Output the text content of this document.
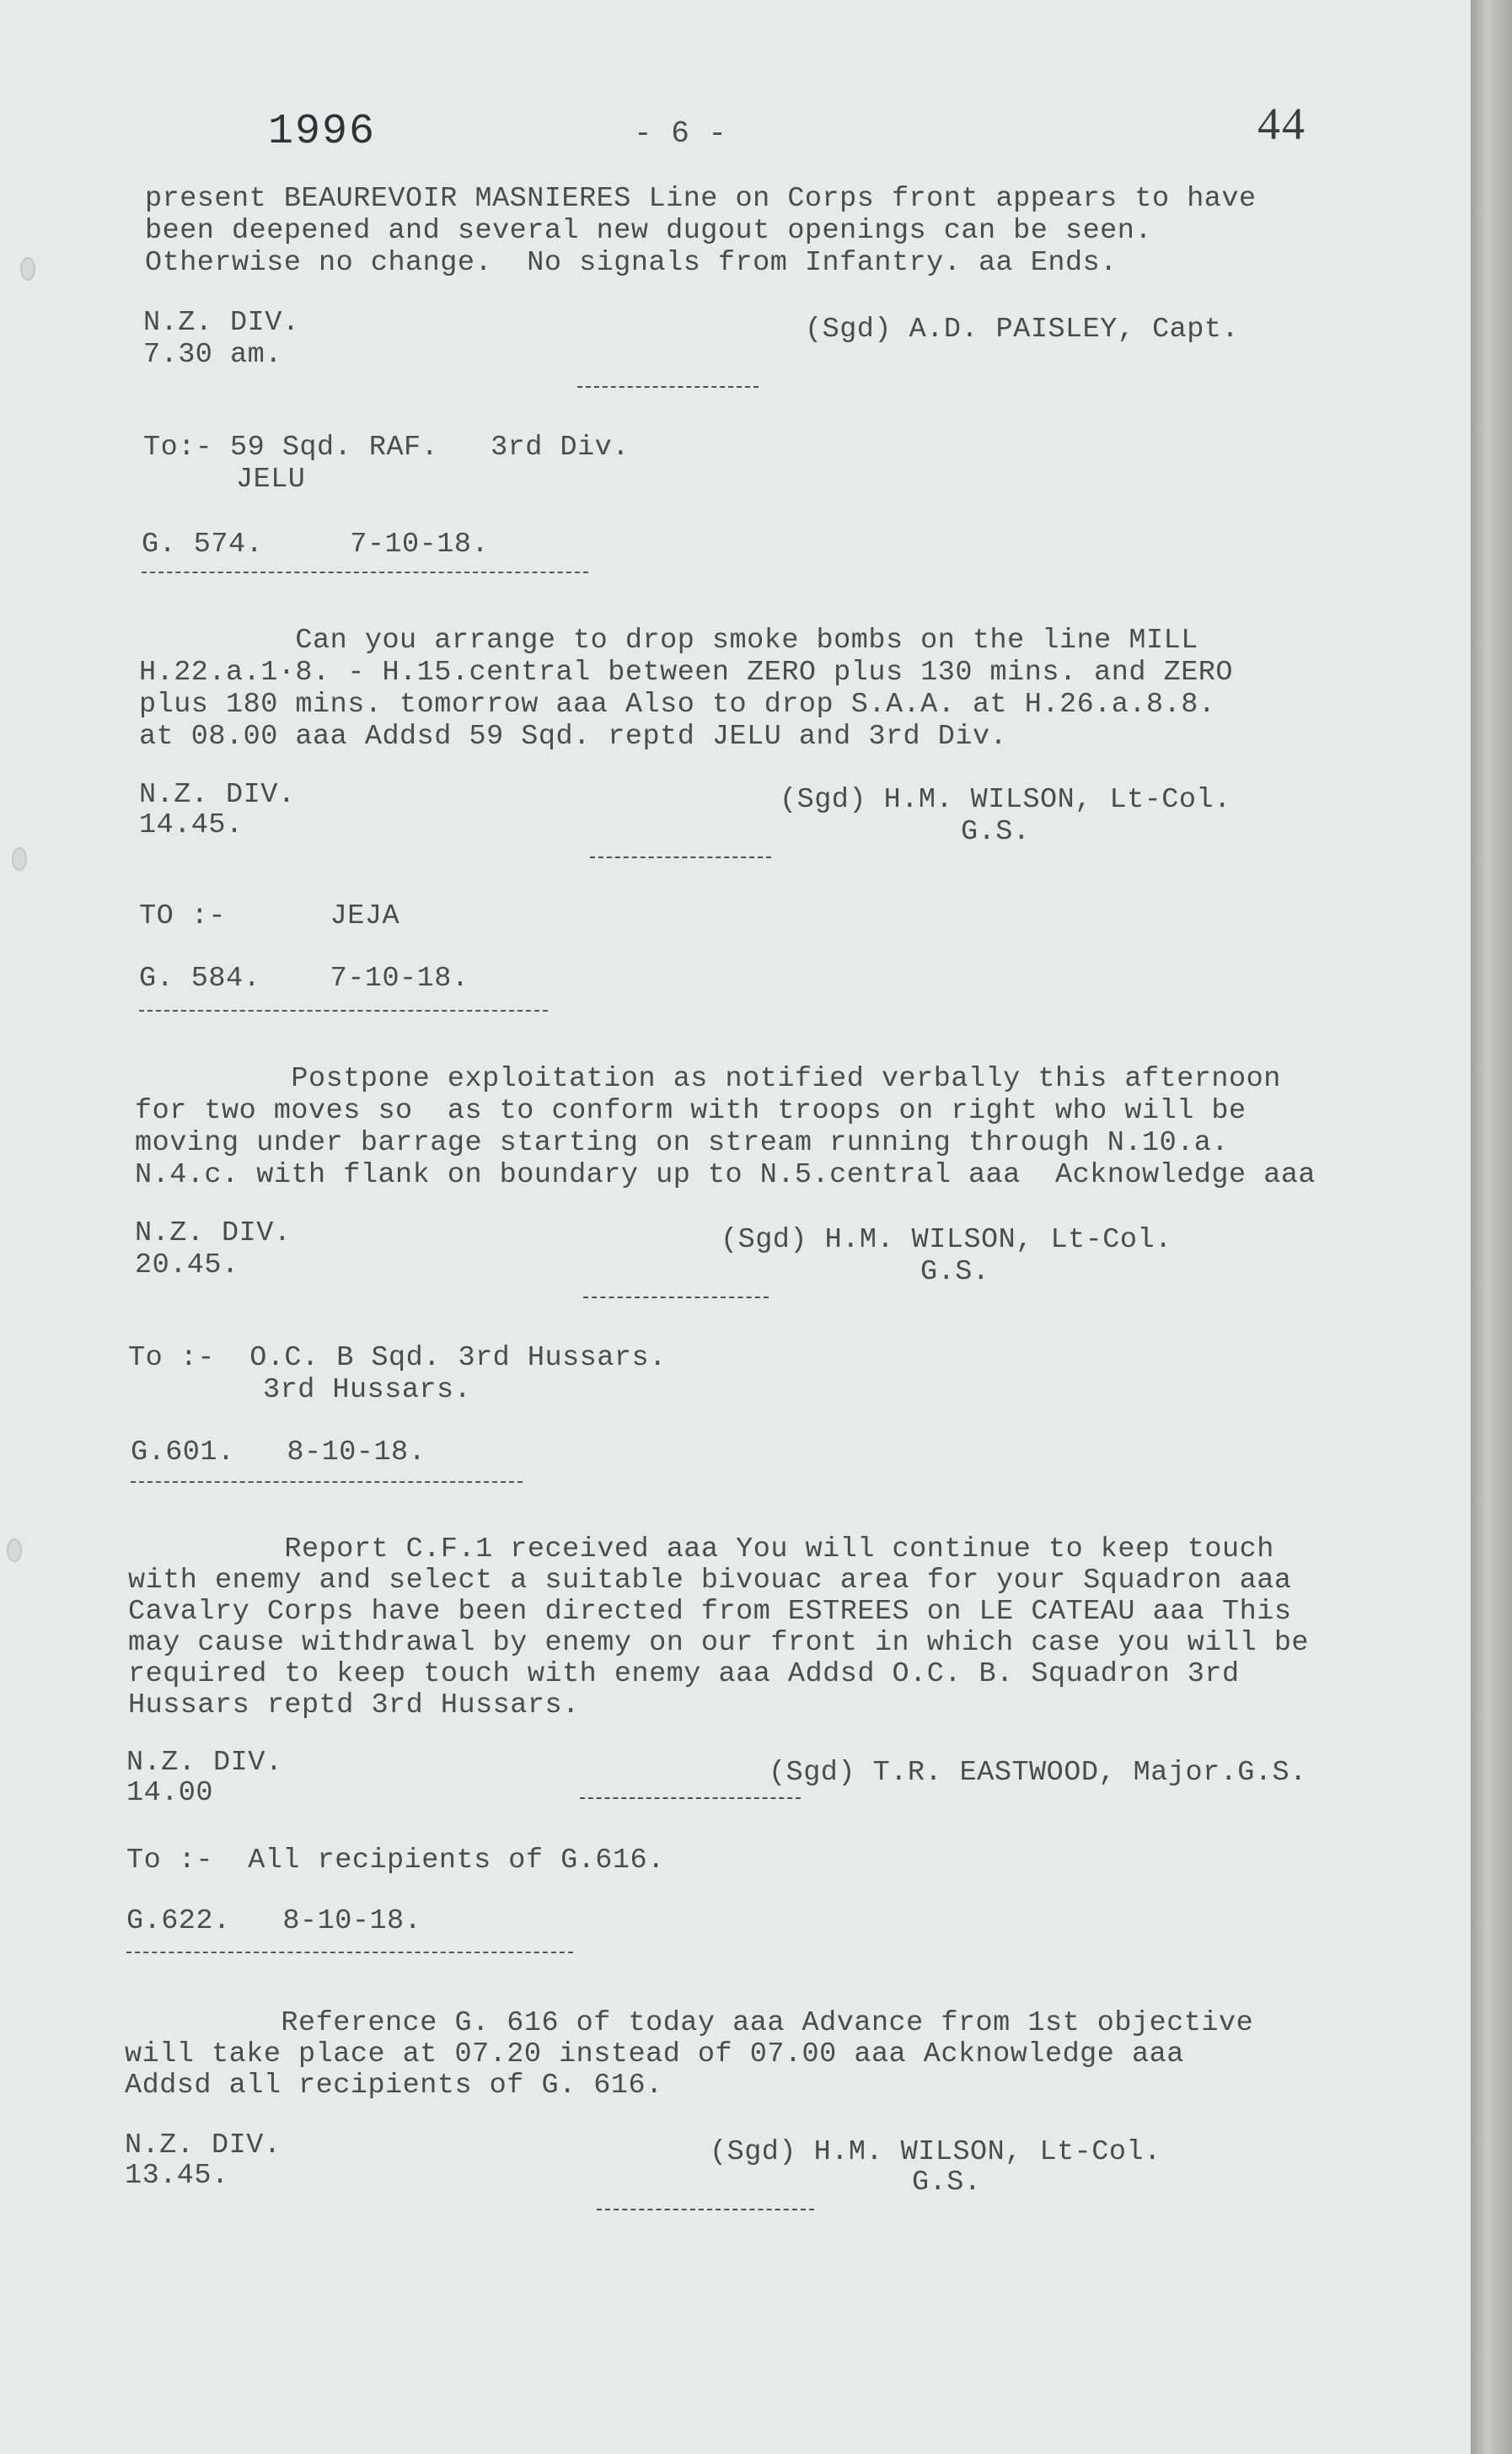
1996	- 6 -	44
present BEAUREVOIR MASNIERES Line on Corps front appears to have
been deepened and several new dugout openings can be seen.
Otherwise no change.  No signals from Infantry. aa Ends.
N.Z. DIV.
7.30 am.
(Sgd) A.D. PAISLEY, Capt.
To:- 59 Sqd. RAF.   3rd Div.
JELU
G. 574.     7-10-18.
Can you arrange to drop smoke bombs on the line MILL
H.22.a.1·8. - H.15.central between ZERO plus 130 mins. and ZERO
plus 180 mins. tomorrow aaa Also to drop S.A.A. at H.26.a.8.8.
at 08.00 aaa Addsd 59 Sqd. reptd JELU and 3rd Div.
N.Z. DIV.
14.45.
(Sgd) H.M. WILSON, Lt-Col.
G.S.
TO :-      JEJA
G. 584.    7-10-18.
Postpone exploitation as notified verbally this afternoon
for two moves so  as to conform with troops on right who will be
moving under barrage starting on stream running through N.10.a.
N.4.c. with flank on boundary up to N.5.central aaa  Acknowledge aaa
N.Z. DIV.
20.45.
(Sgd) H.M. WILSON, Lt-Col.
G.S.
To :-  O.C. B Sqd. 3rd Hussars.
3rd Hussars.
G.601.   8-10-18.
Report C.F.1 received aaa You will continue to keep touch
with enemy and select a suitable bivouac area for your Squadron aaa
Cavalry Corps have been directed from ESTREES on LE CATEAU aaa This
may cause withdrawal by enemy on our front in which case you will be
required to keep touch with enemy aaa Addsd O.C. B. Squadron 3rd
Hussars reptd 3rd Hussars.
N.Z. DIV.
14.00
(Sgd) T.R. EASTWOOD, Major.G.S.
To :-  All recipients of G.616.
G.622.   8-10-18.
Reference G. 616 of today aaa Advance from 1st objective
will take place at 07.20 instead of 07.00 aaa Acknowledge aaa
Addsd all recipients of G. 616.
N.Z. DIV.
13.45.
(Sgd) H.M. WILSON, Lt-Col.
G.S.
